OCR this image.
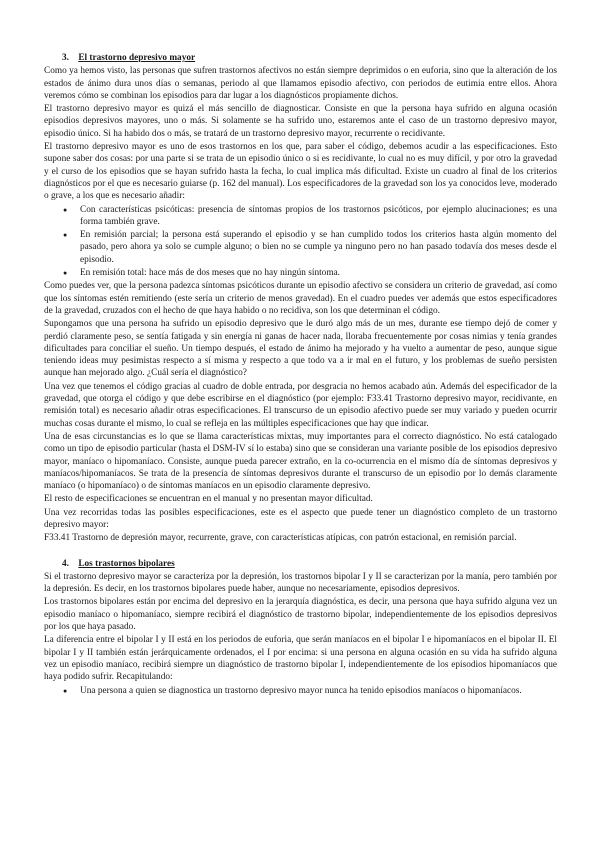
3. El trastorno depresivo mayor

Como ya hemos visto, las personas que sufren trastornos afectivos no están siempre deprimidos o en euforia, sino que la alteración de los estados de ánimo dura unos días o semanas, periodo al que llamamos episodio afectivo, con periodos de eutimia entre ellos. Ahora veremos cómo se combinan los episodios para dar lugar a los diagnósticos propiamente dichos.

El trastorno depresivo mayor es quizá el más sencillo de diagnosticar. Consiste en que la persona haya sufrido en alguna ocasión episodios depresivos mayores, uno o más. Si solamente se ha sufrido uno, estaremos ante el caso de un trastorno depresivo mayor, episodio único. Si ha habido dos o más, se tratará de un trastorno depresivo mayor, recurrente o recidivante.

El trastorno depresivo mayor es uno de esos trastornos en los que, para saber el código, debemos acudir a las especificaciones. Esto supone saber dos cosas: por una parte si se trata de un episodio único o si es recidivante, lo cual no es muy difícil, y por otro la gravedad y el curso de los episodios que se hayan sufrido hasta la fecha, lo cual implica más dificultad. Existe un cuadro al final de los criterios diagnósticos por el que es necesario guiarse (p. 162 del manual). Los especificadores de la gravedad son los ya conocidos leve, moderado o grave, a los que es necesario añadir:

● Con características psicóticas: presencia de síntomas propios de los trastornos psicóticos, por ejemplo alucinaciones; es una forma también grave.
● En remisión parcial; la persona está superando el episodio y se han cumplido todos los criterios hasta algún momento del pasado, pero ahora ya solo se cumple alguno; o bien no se cumple ya ninguno pero no han pasado todavía dos meses desde el episodio.
● En remisión total: hace más de dos meses que no hay ningún síntoma.

Como puedes ver, que la persona padezca síntomas psicóticos durante un episodio afectivo se considera un criterio de gravedad, así como que los síntomas estén remitiendo (este sería un criterio de menos gravedad). En el cuadro puedes ver además que estos especificadores de la gravedad, cruzados con el hecho de que haya habido o no recidiva, son los que determinan el código.

Supongamos que una persona ha sufrido un episodio depresivo que le duró algo más de un mes, durante ese tiempo dejó de comer y perdió claramente peso, se sentía fatigada y sin energía ni ganas de hacer nada, lloraba frecuentemente por cosas nimias y tenía grandes dificultades para conciliar el sueño. Un tiempo después, el estado de ánimo ha mejorado y ha vuelto a aumentar de peso, aunque sigue teniendo ideas muy pesimistas respecto a sí misma y respecto a que todo va a ir mal en el futuro, y los problemas de sueño persisten aunque han mejorado algo. ¿Cuál sería el diagnóstico?

Una vez que tenemos el código gracias al cuadro de doble entrada, por desgracia no hemos acabado aún. Además del especificador de la gravedad, que otorga el código y que debe escribirse en el diagnóstico (por ejemplo: F33.41 Trastorno depresivo mayor, recidivante, en remisión total) es necesario añadir otras especificaciones. El transcurso de un episodio afectivo puede ser muy variado y pueden ocurrir muchas cosas durante el mismo, lo cual se refleja en las múltiples especificaciones que hay que indicar.

Una de esas circunstancias es lo que se llama características mixtas, muy importantes para el correcto diagnóstico. No está catalogado como un tipo de episodio particular (hasta el DSM-IV sí lo estaba) sino que se consideran una variante posible de los episodios depresivo mayor, maníaco o hipomaníaco. Consiste, aunque pueda parecer extraño, en la co-ocurrencia en el mismo día de síntomas depresivos y maníacos/hipomaníacos. Se trata de la presencia de síntomas depresivos durante el transcurso de un episodio por lo demás claramente maníaco (o hipomaníaco) o de síntomas maníacos en un episodio claramente depresivo.

El resto de especificaciones se encuentran en el manual y no presentan mayor dificultad.

Una vez recorridas todas las posibles especificaciones, este es el aspecto que puede tener un diagnóstico completo de un trastorno depresivo mayor:

F33.41 Trastorno de depresión mayor, recurrente, grave, con características atípicas, con patrón estacional, en remisión parcial.

4. Los trastornos bipolares

Si el trastorno depresivo mayor se caracteriza por la depresión, los trastornos bipolar I y II se caracterizan por la manía, pero también por la depresión. Es decir, en los trastornos bipolares puede haber, aunque no necesariamente, episodios depresivos.

Los trastornos bipolares están por encima del depresivo en la jerarquía diagnóstica, es decir, una persona que haya sufrido alguna vez un episodio maníaco o hipomaníaco, siempre recibirá el diagnóstico de trastorno bipolar, independientemente de los episodios depresivos por los que haya pasado.

La diferencia entre el bipolar I y II está en los periodos de euforia, que serán maníacos en el bipolar I e hipomaníacos en el bipolar II. El bipolar I y II también están jerárquicamente ordenados, el I por encima: si una persona en alguna ocasión en su vida ha sufrido alguna vez un episodio maníaco, recibirá siempre un diagnóstico de trastorno bipolar I, independientemente de los episodios hipomaníacos que haya podido sufrir. Recapitulando:

● Una persona a quien se diagnostica un trastorno depresivo mayor nunca ha tenido episodios maníacos o hipomaníacos.
